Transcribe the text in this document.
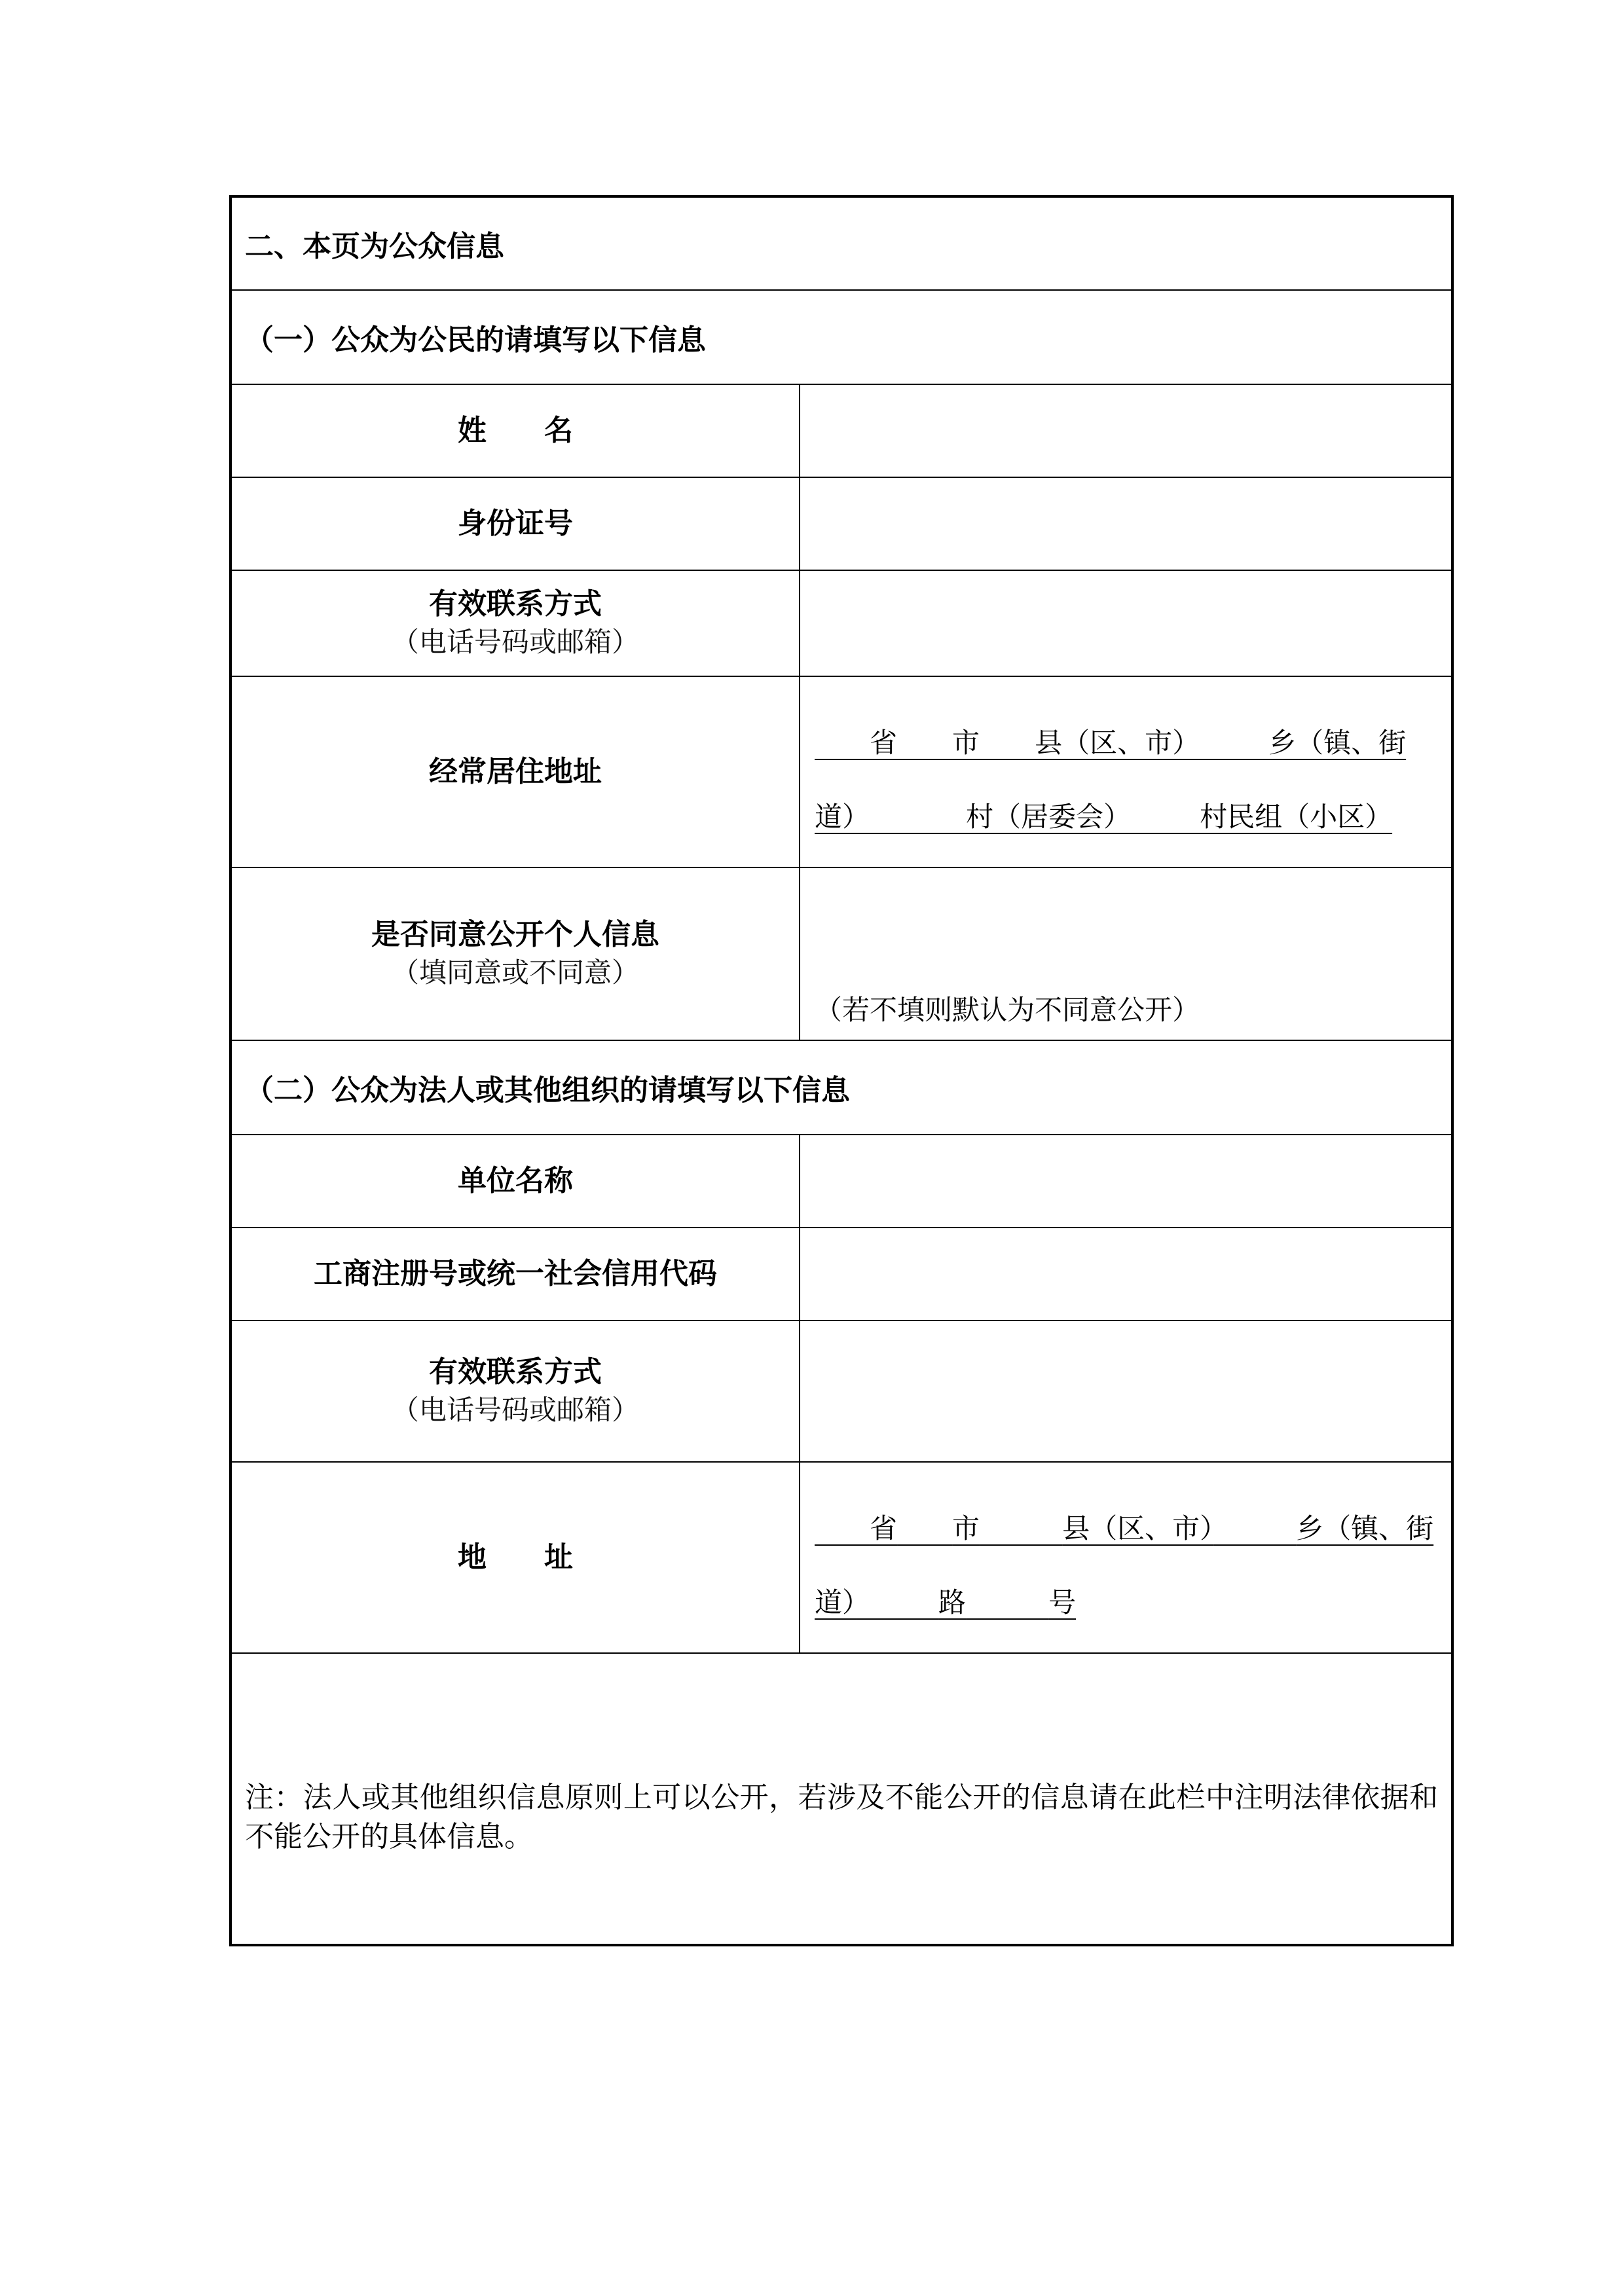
二、本页为公众信息
（一）公众为公民的请填写以下信息
姓　　名
身份证号
有效联系方式
（电话号码或邮箱）
经常居住地址
　　省　　 市　　 县（区、市）　　　	乡（镇、街道）　　　　	村（居委会）　　　	村民组（小区）
是否同意公开个人信息
（填同意或不同意）
（若不填则默认为不同意公开）
（二）公众为法人或其他组织的请填写以下信息
单位名称
工商注册号或统一社会信用代码
有效联系方式
（电话号码或邮箱）
地　　址
　　省　　 市　　　	县（区、市）　　　	乡（镇、街道）　　　	路　　　	号
注：法人或其他组织信息原则上可以公开，若涉及不能公开的信息请在此栏中注明法律依据和不能公开的具体信息。
